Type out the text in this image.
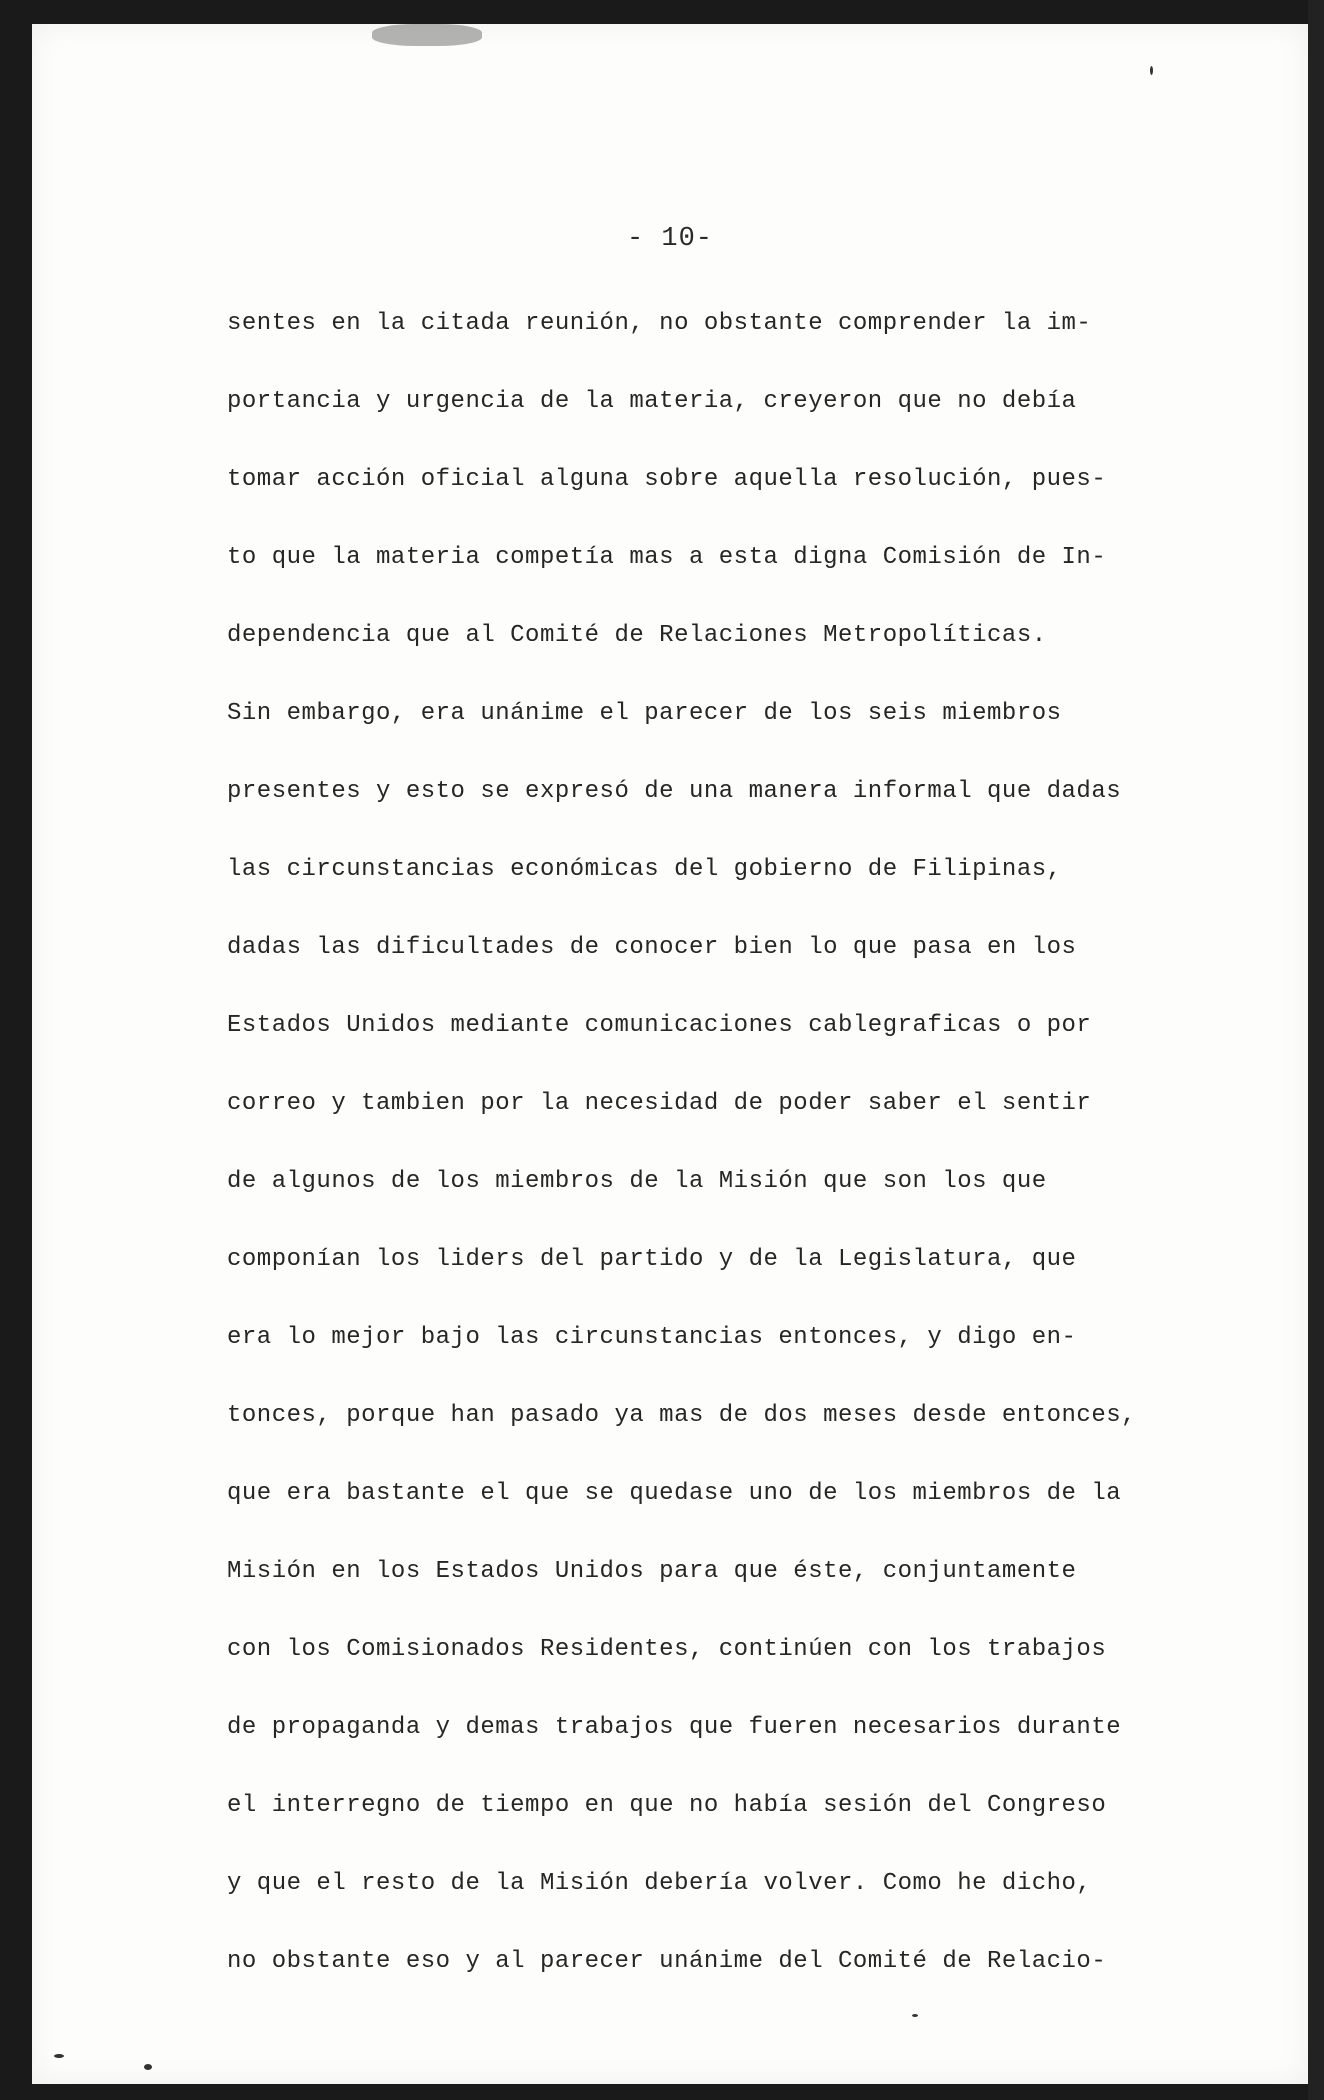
- 10-
sentes en la citada reunión, no obstante comprender la im-
portancia y urgencia de la materia, creyeron que no debía
tomar acción oficial alguna sobre aquella resolución, pues-
to que la materia competía mas a esta digna Comisión de In-
dependencia que al Comité de Relaciones Metropolíticas.
Sin embargo, era unánime el parecer de los seis miembros
presentes y esto se expresó de una manera informal que dadas
las circunstancias económicas del gobierno de Filipinas,
dadas las dificultades de conocer bien lo que pasa en los
Estados Unidos mediante comunicaciones cablegraficas o por
correo y tambien por la necesidad de poder saber el sentir
de algunos de los miembros de la Misión que son los que
componían los liders del partido y de la Legislatura, que
era lo mejor bajo las circunstancias entonces, y digo en-
tonces, porque han pasado ya mas de dos meses desde entonces,
que era bastante el que se quedase uno de los miembros de la
Misión en los Estados Unidos para que éste, conjuntamente
con los Comisionados Residentes, continúen con los trabajos
de propaganda y demas trabajos que fueren necesarios durante
el interregno de tiempo en que no había sesión del Congreso
y que el resto de la Misión debería volver. Como he dicho,
no obstante eso y al parecer unánime del Comité de Relacio-
